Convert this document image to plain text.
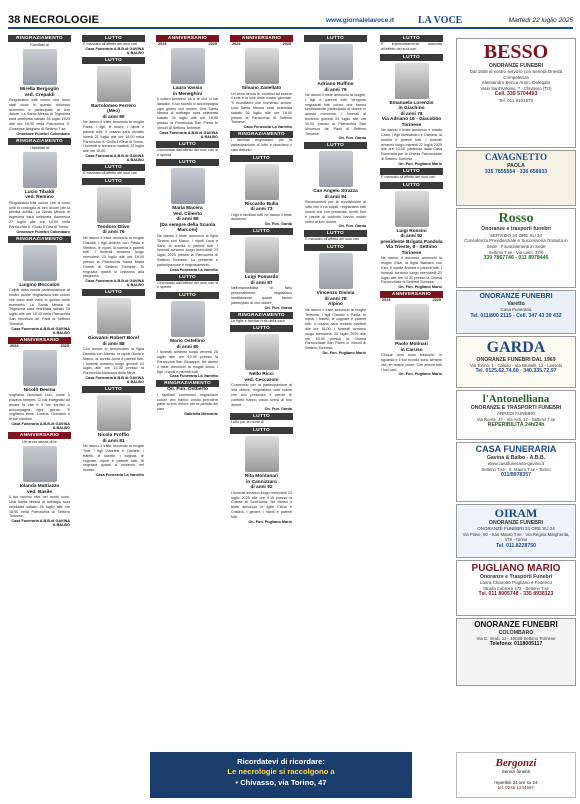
38 NECROLOGIE	www.giornalelavoce.it LA VOCE	Martedì 22 luglio 2025
RINGRAZIAMENTO
Familiari di
Mirella Bergoglio
ved. Crepaldi
Ringraziano tutti coloro che sono stati vicini in questo doloroso momento e partecipato al loro dolore. La Santa Messa di Trigesima sarà celebrata sabato 26 luglio 2025 alle ore 18.00 nella Parrocchia S. Giuseppe Artigiano di Settimo T.se.
Onoranze Funebri Colombaro
RINGRAZIAMENTO
I familiari di
Lucio Tibaldi
ved. Remino
Ringraziano tutti coloro che si sono uniti in cordoglio al loro dolore per la perdita subita. La Santa Messa di trigesima sarà celebrata domenica 27 luglio alle ore 10.00 nella Parrocchia S. Giulio D'Orta di Torino.
Onoranze Funebri Colombaro
RINGRAZIAMENTO
Luigino Boccalon
Colpiti dalla vostra partecipazione al nostro dolore ringraziano tutti coloro che sono stati vicini in questo triste momento. La Santa Messa di Trigesima sarà celebrata sabato 26 luglio alle ore 18.00 nella Parrocchia San Vincenzo de' Paoli di Settimo Torinese.
Casa Funeraria A.B.B.di GAVINA & BALBO
ANNIVERSARIO
2024	2025
Nicolò Devina
Vogliamo ricordarti così, come ti piaceva sempre. Ci hai insegnato ad amare la vita e il tuo sorriso ci accompagna ogni giorno. Ti vogliamo bene. Lorena, Giovanni e le tue nipotine.
Casa Funeraria A.B.B.di GAVINA & BALBO
ANNIVERSARIO
Un anno senza di te
Iolanda Mattiazzo
ved. Basile
Il tuo ricordo vive nei nostri cuori. Una Santa Messa di suffragio sarà celebrata sabato 26 luglio alle ore 18.00 nella Parrocchia di Settimo Torinese.
Casa Funeraria A.B.B.di GAVINA & BALBO
LUTTO
È mancata all'affetto dei suoi cari
Casa Funeraria A.B.B.di GAVINA & BALBO
LUTTO
Bartolomeo Ferrero
(Meo)
di anni 90
Ne danno il triste annuncio la moglie Paola, i figli, le nuore, i nipoti e parenti tutti. Il rosario sarà recitato lunedì 21 luglio alle ore 18.00 nella Parrocchia S. Giulio D'Orta di Torino. I funerali si terranno martedì 22 luglio alle ore 10.00.
Casa Funeraria A.B.B.di GAVINA & BALBO
LUTTO
È mancata all'affetto dei suoi cari
LUTTO
Teodoro Olivo
di anni 76
Ne danno il triste annuncio la moglie Claudia, i figli Andrea con Paola e Stefano, le nipoti, la sorella e parenti tutti. I funerali avranno luogo mercoledì 23 luglio alle ore 10.00 presso la Parrocchia Santa Maria Goretti di Settimo Torinese. Si ringrazia quanti si uniranno alla preghiera.
Casa Funeraria A.B.B.di GAVINA & BALBO
LUTTO
Giovanni Robert Borel
di anni 88
Con dolore lo annunciano la figlia Daniela con Alberto, le nipoti Giulia e Marco, la sorella Anna e parenti tutti. I funerali avranno luogo giovedì 24 luglio alle ore 10.30 presso la Parrocchia Madonna della Neve.
Casa Funeraria A.B.B.di GAVINA & BALBO
LUTTO
Nicola Proffio
di anni 81
Ne danno il triste annuncio la moglie Tina, i figli Gabriele e Daniele, i fratelli, le sorelle, i cognati, le cognate, nipoti e parenti tutti. Si ringrazia quanti si uniranno nel ricordo.
Casa Funeraria La Varretto
ANNIVERSARIO
2024	2025
Laura Vassia
in Meneghini
Il vostro pensiero va a te che ci hai lasciato. Il tuo ricordo ci accompagna ogni giorno con amore. Una Santa Messa di suffragio sarà celebrata sabato 26 luglio alle ore 18.00 presso la Parrocchia San Pietro in Vincoli di Settimo Torinese.
Casa Funeraria A.B.B.di GAVINA & BALBO
LUTTO
Circondata dall'affetto dei suoi cari si è spenta
LUTTO
Maria Macera
Ved. Ciliento
di anni 89
(Da sempre della Scuola Marconi)
Ne danno il triste annuncio la figlia Tiziana con Marco, i nipoti Luca e Sara, la sorella e parenti tutti. I funerali avranno luogo mercoledì 23 luglio 2025 presso la Parrocchia di Settimo Torinese. La presente è partecipazione e ringraziamento.
Casa Funeraria La Varretto
LUTTO
Circondato dall'affetto dei suoi cari si è spento
LUTTO
Mario Ostellino
di anni 80
I funerali avranno luogo venerdì 25 luglio alle ore 10.00 presso la Parrocchia San Giuseppe. Ne danno il triste annuncio la moglie Anna, i figli, i nipoti e parenti tutti.
Casa Funeraria La Varretto
RINGRAZIAMENTO
On. Fun. Ostberto
I familiari commossi ringraziano coloro che hanno voluto prendere parte al loro dolore per la perdita del caro
Gabriella Mercante
ANNIVERSARIO
2024	2025
Silvano Zanellato
Un anno senza te, continui ad essere il sole e la luce delle nostre giornate. Ti ricordiamo con immenso amore. Una Santa Messa sarà celebrata sabato 26 luglio alle ore 18.00 presso la Parrocchia di Settimo Torinese.
Casa Funeraria La Varretto
RINGRAZIAMENTO
I familiari ringraziano per la partecipazione al lutto e ricordano il caro defunto
LUTTO
Riccardo Bulla
di anni 73
I figli e familiari tutti ne danno il triste annuncio.
On. Fun. Garda
LUTTO
Luigi Pomardo
di anni 87
Nell'impossibilità di farlo personalmente ringraziano sentitamente quanti hanno partecipato al loro dolore.
On. Fun. Garda
RINGRAZIAMENTO
Le figlie e familiari tutti della cara
LUTTO
Nello Ricci
ved. Ceccaroni
Commossi per la partecipazione al loro dolore, ringraziano tutti coloro che con presenza e parole di conforto hanno voluto unirsi al loro dolore.
On. Fun. Garda
LUTTO
Lutto per la morte di
LUTTO
Rita Montanari
in Cannizzaro
di anni 92
I funerali avranno luogo mercoledì 23 luglio 2025 alle ore 9.15 presso la Chiesa di Sant'Anna. Ne danno il triste annuncio le figlie Elena e Cristina, i generi, i nipoti e parenti tutti.
On. Fun. Pugliano Mario
LUTTO
Adriano Ruffino
di anni 79
Ne danno il triste annuncio la moglie, i figli e parenti tutti. Vengono ringraziati tutti coloro che hanno sentitamente partecipato al dolore in questo momento. I funerali si terranno giovedì 24 luglio alle ore 10.00 presso la Parrocchia San Vincenzo de' Paoli di Settimo Torinese.
On. Fun. Garda
LUTTO
Can Angelo Strazza
di anni 94
Riconoscenti per la condivisione al lutto che li ha colpiti, ringraziano tutti coloro che con presenza, scritti, fiori e parole di conforto hanno voluto unirsi al loro dolore.
On. Fun. Garda
LUTTO
È mancato all'affetto dei suoi cari
LUTTO
Vincenzo Divisia
di anni 78
Alpino
Ne danno il triste annuncio la moglie Teresina, i figli Claudio e Paola, le nipoti, i fratelli, le cognate e parenti tutti. Il rosario sarà recitato martedì alle ore 18.00. I funerali avranno luogo mercoledì 23 luglio 2025 alle ore 15.00 presso la Chiesa Parrocchiale San Pietro in Vincoli di Settimo Torinese.
On. Fun. Pugliano Mario
LUTTO
È improvvisamente mancata all'affetto dei suoi cari
LUTTO
Emanuela Lorenzin
in Giachino
di anni 76
Via Adriano 16 - Giacobbo Torinese
Ne danno il triste annuncio il marito Carlo, i figli Alessandro e Daniela, la sorella e parenti tutti. I funerali avranno luogo martedì 22 luglio 2025 alle ore 10.00, partendo dalla Casa Funeraria per la Chiesa Parrocchiale di Settimo Torinese.
On. Fun. Pugliano Mario
LUTTO
È mancato all'affetto dei suoi cari
LUTTO
Luigi Rossini
di anni 82
presidente Brigata Pandola Via Trieste, 8 - Settimo Torinese
Ne danno il doloroso annuncio la moglie Elsa, la figlia Barbara con Ezio, il nipote Andrea e parenti tutti. I funerali avranno luogo mercoledì 23 luglio alle ore 14.30 presso la Chiesa Parrocchiale di Settimo Torinese.
On. Fun. Pugliano Mario
ANNIVERSARIO
2024	2025
Paolo Molinari
in Caruso
Cinque anni sono trascorsi, lo sguardo e il tuo ricordo sono sempre vivi nel nostro cuore. Con amore tutti i tuoi cari.
On. Fun. Pugliano Mario
BESSO
ONORANZE FUNEBRI
Dal 1848 al vostro servizio con Serietà Onestà Competenza
Alessandro Benca Amm. Delegato
Viale Sant'Antonio, 7 - Chivasso (TO)
Cell. 335 5704493
Tel. 011.9101572
CAVAGNETTO
PAOLA
335 7855554 · 336 656933
Rosso
Onoranze e trasporti funebri
SERVIZIO 24 ORE SU 24
Consulenza Previdenziale e Successoria Gratuita in Sede · Finanziamenti in Sede
Settimo T.se - Via Leinì, 37/b
339 7867746 - 011 8978446
ONORANZE FUNEBRI
Varetto
Casa Funeraria
Tel. 011/800 2115 - Cell. 347 43 39 432
GARDA
ONORANZE FUNEBRI DAL 1969
Via Torino, 1 - Caluso · Via Brunelli, 12 - Lessolo
Tel. 0125.62.74.60 · 340.335.72.97
l'Antonelliana
ONORANZE E TRASPORTI FUNEBRI
ARREDI FUNEBRI
Via Roma, 47 · Via Asti, 12 - Settimo T.se
REPERIBILITÀ 24h/24h
CASA FUNERARIA
Gavina & Balbo - A.B.B.
www.casafuneraria-gavina.it
Settimo T.se - S. Mauro T.se - Torino
011/8978357
OIRAM
ONORANZE FUNEBRI
ONORANZE FUNEBRI 24 ORE SU 24
Via Piave, 80 - San Mauro T.se · Via Regina Margherita, 179 - Torino
Tel. 011.8228750
PUGLIANO MARIO
Onoranze e Trasporti Funebri
Laura Chiarotto Pugliano e Federico
Strada Cebrosa 173 - Settimo T.se
Tel. 011 8005748 - 335 8938123
ONORANZE FUNEBRI
COLOMBARO
Via G. Verdi, 12 · 10036 Settimo Torinese
Telefono: 0118005117
Ricordatevi di ricordare:
Le necrologie si raccolgono a
• Chivasso, via Torino, 47
Bergonzi
Servizi funebri
reperibili 24 ore su 24
tel. 0245 1234567
